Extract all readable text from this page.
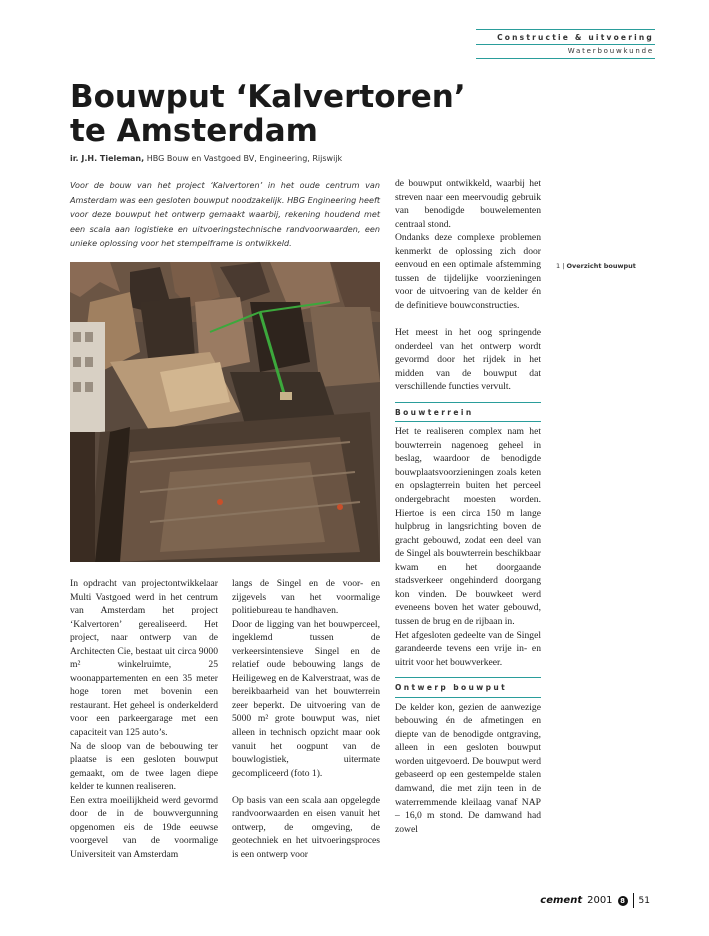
Constructie & uitvoering
Waterbouwkunde
Bouwput ‘Kalvertoren’ te Amsterdam
ir. J.H. Tieleman, HBG Bouw en Vastgoed BV, Engineering, Rijswijk

Voor de bouw van het project ‘Kalvertoren’ in het oude centrum van Amsterdam was een gesloten bouwput noodzakelijk. HBG Engineering heeft voor deze bouwput het ontwerp gemaakt waarbij, rekening houdend met een scala aan logistieke en uitvoeringstechnische randvoorwaarden, een unieke oplossing voor het stempelframe is ontwikkeld.

In opdracht van projectontwikkelaar Multi Vastgoed werd in het centrum van Amsterdam het project ‘Kalvertoren’ gerealiseerd. Het project, naar ontwerp van de Architecten Cie, bestaat uit circa 9000 m² winkelruimte, 25 woonappartementen en een 35 meter hoge toren met bovenin een restaurant. Het geheel is onderkelderd voor een parkeergarage met een capaciteit van 125 auto’s.

Na de sloop van de bebouwing ter plaatse is een gesloten bouwput gemaakt, om de twee lagen diepe kelder te kunnen realiseren.

Een extra moeilijkheid werd gevormd door de in de bouwvergunning opgenomen eis de 19de eeuwse voorgevel van de voormalige Universiteit van Amsterdam

langs de Singel en de voor- en zijgevels van het voormalige politiebureau te handhaven.

Door de ligging van het bouwperceel, ingeklemd tussen de verkeersintensieve Singel en de relatief oude bebouwing langs de Heiligeweg en de Kalverstraat, was de bereikbaarheid van het bouwterrein zeer beperkt. De uitvoering van de 5000 m² grote bouwput was, niet alleen in technisch opzicht maar ook vanuit het oogpunt van de bouwlogistiek, uitermate gecompliceerd (foto 1).

Op basis van een scala aan opgelegde randvoorwaarden en eisen vanuit het ontwerp, de omgeving, de geotechniek en het uitvoeringsproces is een ontwerp voor

de bouwput ontwikkeld, waarbij het streven naar een meervoudig gebruik van benodigde bouwelementen centraal stond.

Ondanks deze complexe problemen kenmerkt de oplossing zich door eenvoud en een optimale afstemming tussen de tijdelijke voorzieningen voor de uitvoering van de kelder én de definitieve bouwconstructies.

Het meest in het oog springende onderdeel van het ontwerp wordt gevormd door het rijdek in het midden van de bouwput dat verschillende functies vervult.

Bouwterrein

Het te realiseren complex nam het bouwterrein nagenoeg geheel in beslag, waardoor de benodigde bouwplaatsvoorzieningen zoals keten en opslagterrein buiten het perceel ondergebracht moesten worden. Hiertoe is een circa 150 m lange hulpbrug in langsrichting boven de gracht gebouwd, zodat een deel van de Singel als bouwterrein beschikbaar kwam en het doorgaande stadsverkeer ongehinderd doorgang kon vinden. De bouwkeet werd eveneens boven het water gebouwd, tussen de brug en de rijbaan in.

Het afgesloten gedeelte van de Singel garandeerde tevens een vrije in- en uitrit voor het bouwverkeer.

Ontwerp bouwput

De kelder kon, gezien de aanwezige bebouwing én de afmetingen en diepte van de benodigde ontgraving, alleen in een gesloten bouwput worden uitgevoerd. De bouwput werd gebaseerd op een gestempelde stalen damwand, die met zijn teen in de waterremmende kleilaag vanaf NAP – 16,0 m stond. De damwand had zowel

1 | Overzicht bouwput
cement 2001	8 51
